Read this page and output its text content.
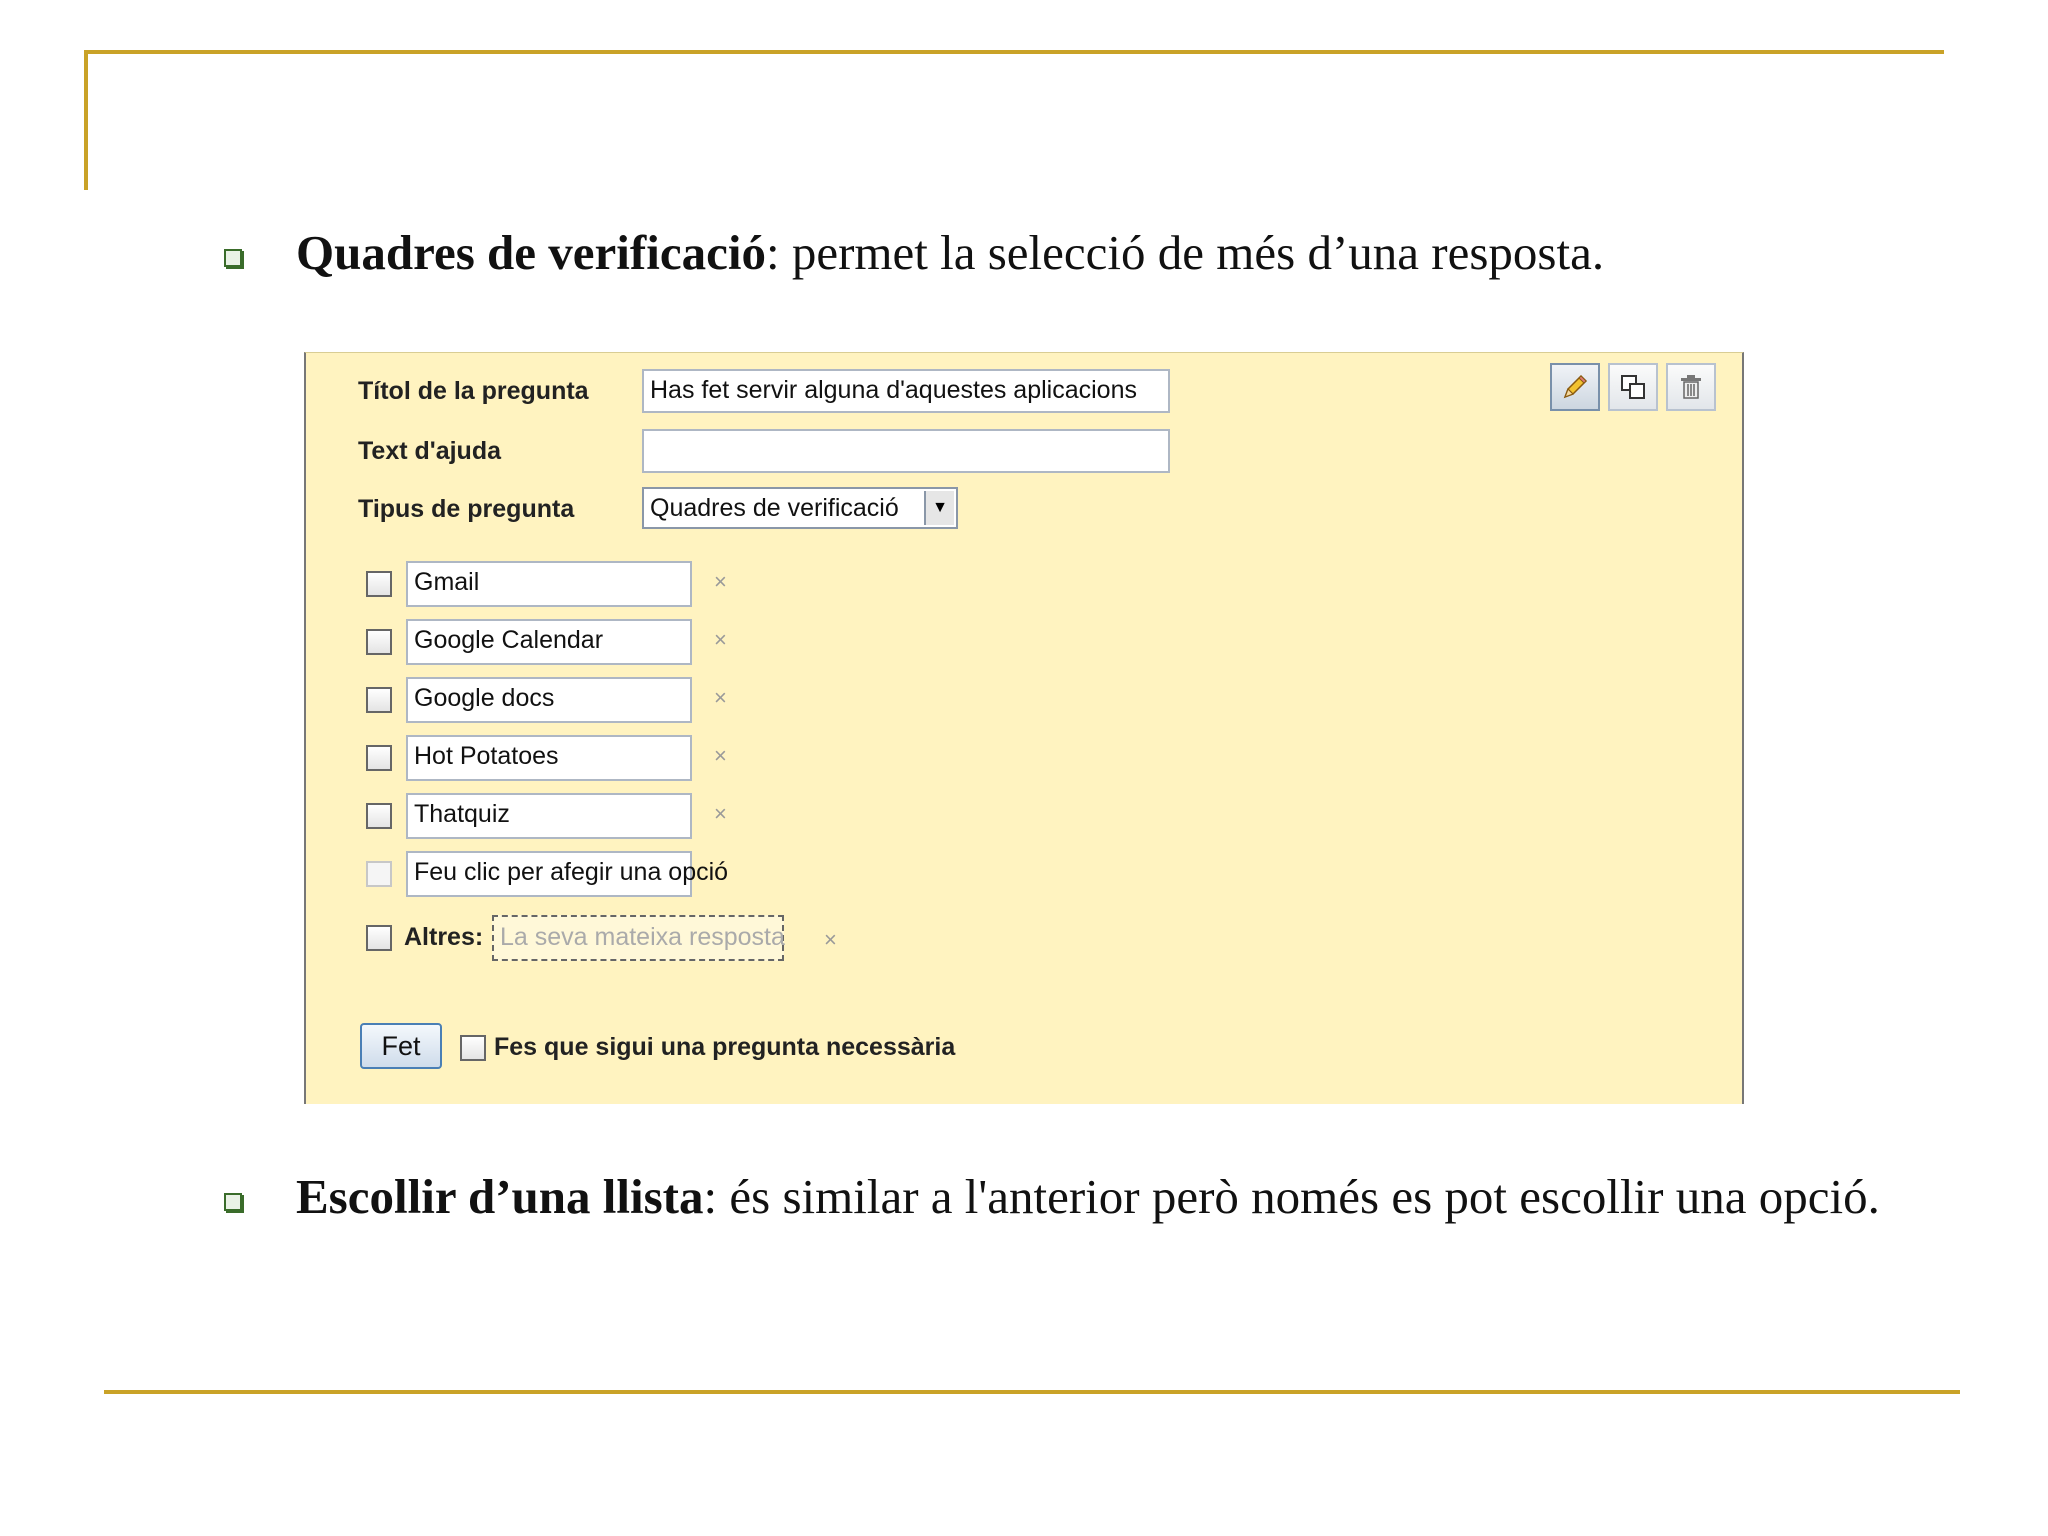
Quadres de verificació: permet la selecció de més d’una resposta.
Títol de la pregunta	Has fet servir alguna d'aquestes aplicacions
Text d'ajuda
Tipus de pregunta	Quadres de verificació	▼
Gmail	×
Google Calendar	×
Google docs	×
Hot Potatoes	×
Thatquiz	×
Feu clic per afegir una opció
Altres: La seva mateixa resposta ×
Fet	Fes que sigui una pregunta necessària
Escollir d’una llista: és similar a l'anterior però només es pot escollir una opció.
